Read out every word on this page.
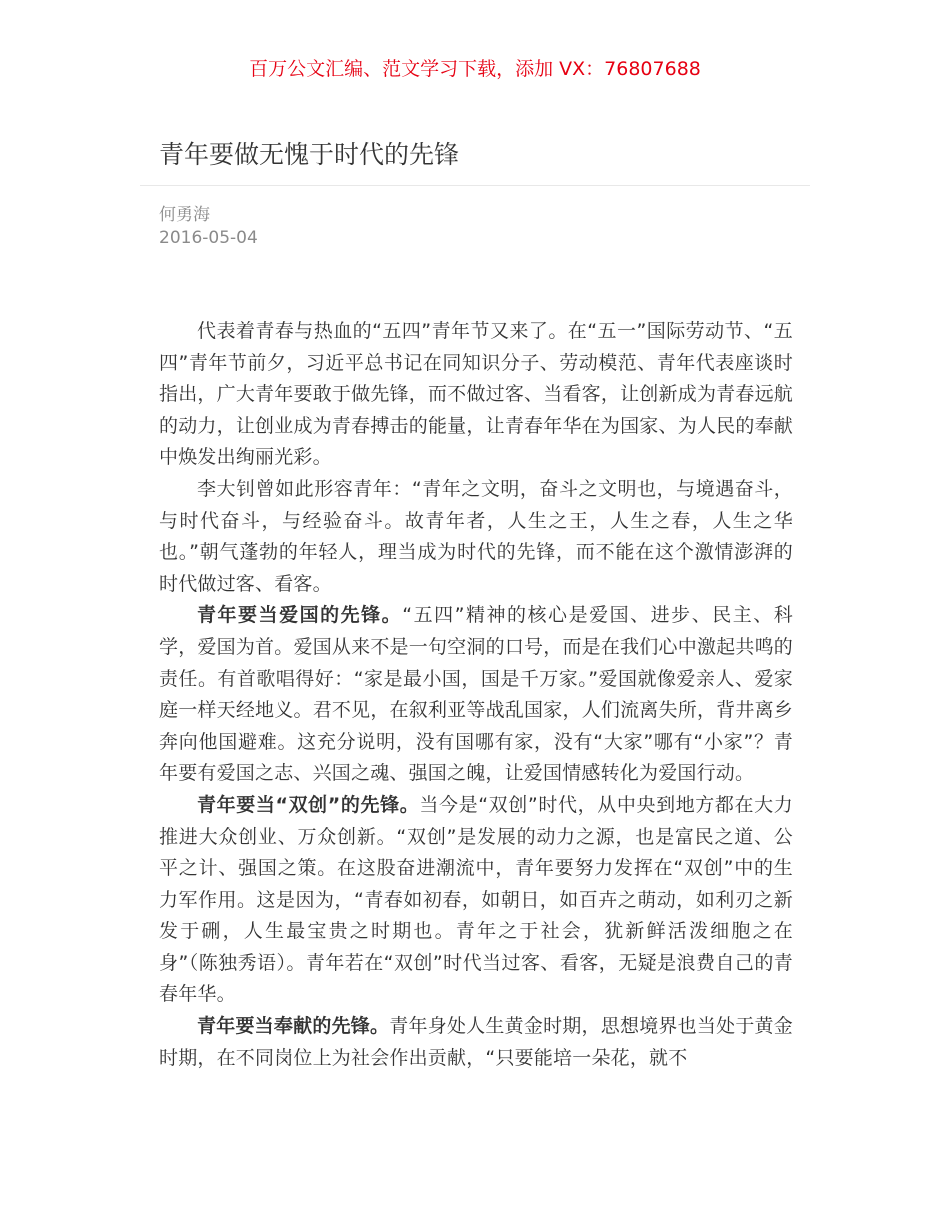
百万公文汇编、范文学习下载，添加 VX：76807688
青年要做无愧于时代的先锋
何勇海
2016-05-04

代表着青春与热血的“五四”青年节又来了。在“五一”国际劳动节、“五四”青年节前夕，习近平总书记在同知识分子、劳动模范、青年代表座谈时指出，广大青年要敢于做先锋，而不做过客、当看客，让创新成为青春远航的动力，让创业成为青春搏击的能量，让青春年华在为国家、为人民的奉献中焕发出绚丽光彩。

李大钊曾如此形容青年：“青年之文明，奋斗之文明也，与境遇奋斗，与时代奋斗，与经验奋斗。故青年者，人生之王，人生之春，人生之华也。”朝气蓬勃的年轻人，理当成为时代的先锋，而不能在这个激情澎湃的时代做过客、看客。

青年要当爱国的先锋。“五四”精神的核心是爱国、进步、民主、科学，爱国为首。爱国从来不是一句空洞的口号，而是在我们心中激起共鸣的责任。有首歌唱得好：“家是最小国，国是千万家。”爱国就像爱亲人、爱家庭一样天经地义。君不见，在叙利亚等战乱国家，人们流离失所，背井离乡奔向他国避难。这充分说明，没有国哪有家，没有“大家”哪有“小家”？青年要有爱国之志、兴国之魂、强国之魄，让爱国情感转化为爱国行动。

青年要当“双创”的先锋。当今是“双创”时代，从中央到地方都在大力推进大众创业、万众创新。“双创”是发展的动力之源，也是富民之道、公平之计、强国之策。在这股奋进潮流中，青年要努力发挥在“双创”中的生力军作用。这是因为，“青春如初春，如朝日，如百卉之萌动，如利刃之新发于硎，人生最宝贵之时期也。青年之于社会，犹新鲜活泼细胞之在身”（陈独秀语）。青年若在“双创”时代当过客、看客，无疑是浪费自己的青春年华。

青年要当奉献的先锋。青年身处人生黄金时期，思想境界也当处于黄金时期，在不同岗位上为社会作出贡献，“只要能培一朵花，就不
